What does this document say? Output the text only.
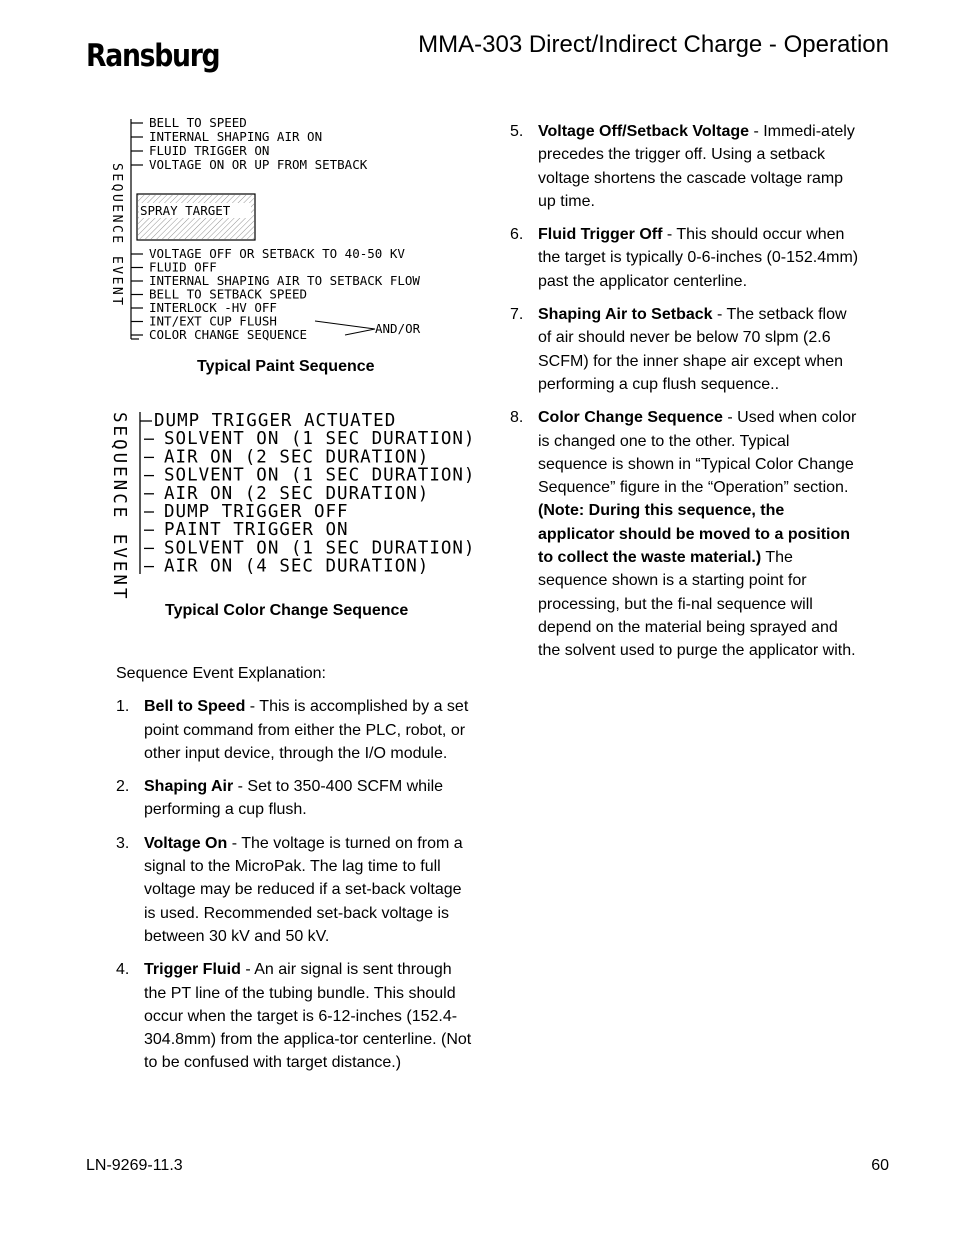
Ransburg	MMA-303 Direct/Indirect Charge - Operation
SEQUENCE EVENT
BELL TO SPEED
INTERNAL SHAPING AIR ON
FLUID TRIGGER ON
VOLTAGE ON OR UP FROM SETBACK
SPRAY TARGET
VOLTAGE OFF OR SETBACK TO 40-50 KV
FLUID OFF
INTERNAL SHAPING AIR TO SETBACK FLOW
BELL TO SETBACK SPEED
INTERLOCK -HV OFF
INT/EXT CUP FLUSH
COLOR CHANGE SEQUENCE	AND/OR
Typical Paint Sequence
SEQUENCE EVENT DUMP TRIGGER ACTUATED
SOLVENT ON (1 SEC DURATION)
AIR ON (2 SEC DURATION)
SOLVENT ON (1 SEC DURATION)
AIR ON (2 SEC DURATION)
DUMP TRIGGER OFF
PAINT TRIGGER ON
SOLVENT ON (1 SEC DURATION)
AIR ON (4 SEC DURATION)
Typical Color Change Sequence

Sequence Event Explanation:

1. Bell to Speed - This is accomplished by a set point command from either the PLC, robot, or other input device, through the I/O module.
2. Shaping Air - Set to 350-400 SCFM while performing a cup flush.
3. Voltage On - The voltage is turned on from a signal to the MicroPak. The lag time to full voltage may be reduced if a set-back voltage is used. Recommended set-back voltage is between 30 kV and 50 kV.
4. Trigger Fluid - An air signal is sent through the PT line of the tubing bundle. This should occur when the target is 6-12-inches (152.4-304.8mm) from the applica-tor centerline. (Not to be confused with target distance.)
5. Voltage Off/Setback Voltage - Immedi-ately precedes the trigger off. Using a setback voltage shortens the cascade voltage ramp up time.
6. Fluid Trigger Off - This should occur when the target is typically 0-6-inches (0-152.4mm) past the applicator centerline.
7. Shaping Air to Setback - The setback flow of air should never be below 70 slpm (2.6 SCFM) for the inner shape air except when performing a cup flush sequence..
8. Color Change Sequence - Used when color is changed one to the other. Typical sequence is shown in “Typical Color Change Sequence” figure in the “Operation” section. (Note: During this sequence, the applicator should be moved to a position to collect the waste material.) The sequence shown is a starting point for processing, but the fi-nal sequence will depend on the material being sprayed and the solvent used to purge the applicator with.
LN-9269-11.3	60
